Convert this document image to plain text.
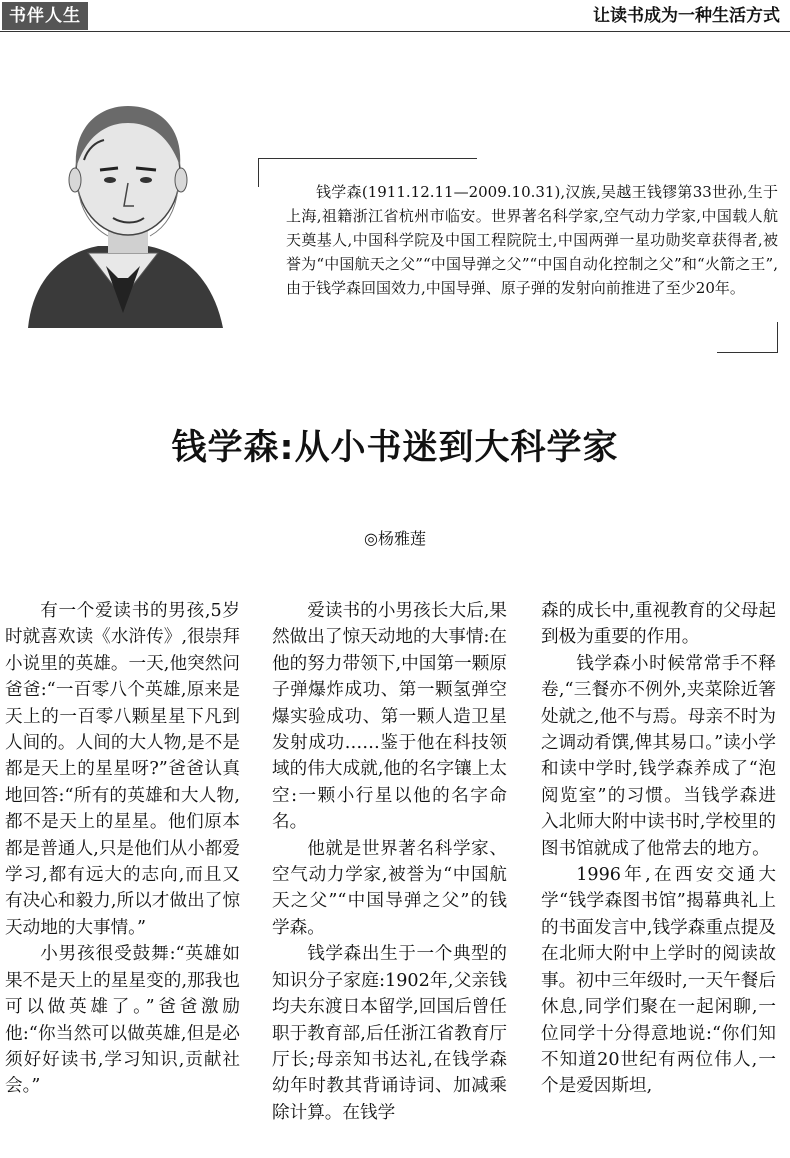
书伴人生	让读书成为一种生活方式
钱学森(1911.12.11—2009.10.31),汉族,吴越王钱镠第33世孙,生于上海,祖籍浙江省杭州市临安。世界著名科学家,空气动力学家,中国载人航天奠基人,中国科学院及中国工程院院士,中国两弹一星功勋奖章获得者,被誉为“中国航天之父”“中国导弹之父”“中国自动化控制之父”和“火箭之王”,由于钱学森回国效力,中国导弹、原子弹的发射向前推进了至少20年。
钱学森:从小书迷到大科学家
◎杨雅莲

有一个爱读书的男孩,5岁时就喜欢读《水浒传》,很崇拜小说里的英雄。一天,他突然问爸爸:“一百零八个英雄,原来是天上的一百零八颗星星下凡到人间的。人间的大人物,是不是都是天上的星星呀?”爸爸认真地回答:“所有的英雄和大人物,都不是天上的星星。他们原本都是普通人,只是他们从小都爱学习,都有远大的志向,而且又有决心和毅力,所以才做出了惊天动地的大事情。”

小男孩很受鼓舞:“英雄如果不是天上的星星变的,那我也可以做英雄了。”爸爸激励他:“你当然可以做英雄,但是必须好好读书,学习知识,贡献社会。”

爱读书的小男孩长大后,果然做出了惊天动地的大事情:在他的努力带领下,中国第一颗原子弹爆炸成功、第一颗氢弹空爆实验成功、第一颗人造卫星发射成功……鉴于他在科技领域的伟大成就,他的名字镶上太空:一颗小行星以他的名字命名。

他就是世界著名科学家、空气动力学家,被誉为“中国航天之父”“中国导弹之父”的钱学森。

钱学森出生于一个典型的知识分子家庭:1902年,父亲钱均夫东渡日本留学,回国后曾任职于教育部,后任浙江省教育厅厅长;母亲知书达礼,在钱学森幼年时教其背诵诗词、加减乘除计算。在钱学

森的成长中,重视教育的父母起到极为重要的作用。

钱学森小时候常常手不释卷,“三餐亦不例外,夹菜除近箸处就之,他不与焉。母亲不时为之调动肴馔,俾其易口。”读小学和读中学时,钱学森养成了“泡阅览室”的习惯。当钱学森进入北师大附中读书时,学校里的图书馆就成了他常去的地方。

1996年,在西安交通大学“钱学森图书馆”揭幕典礼上的书面发言中,钱学森重点提及在北师大附中上学时的阅读故事。初中三年级时,一天午餐后休息,同学们聚在一起闲聊,一位同学十分得意地说:“你们知不知道20世纪有两位伟人,一个是爱因斯坦,
